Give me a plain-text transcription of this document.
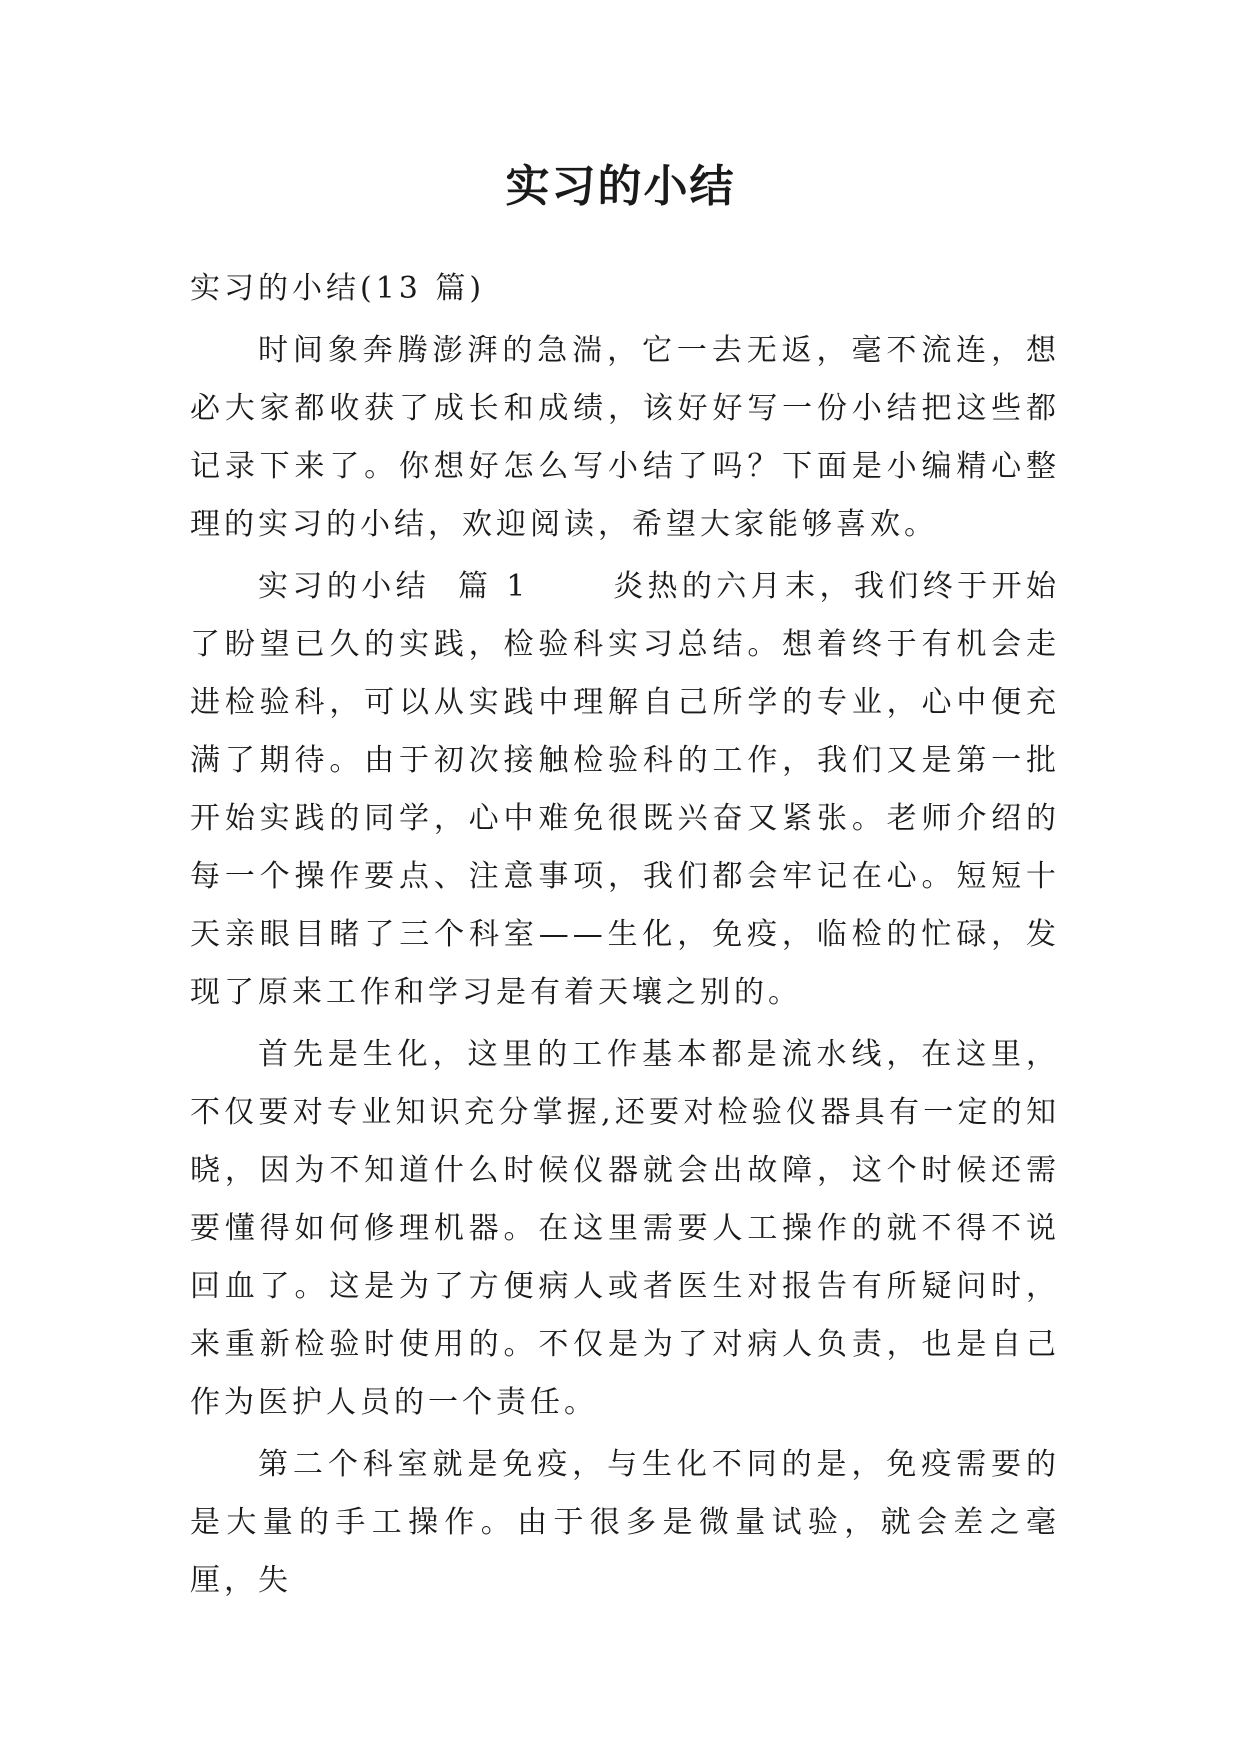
实习的小结

实习的小结(13 篇)

时间象奔腾澎湃的急湍，它一去无返，毫不流连，想必大家都收获了成长和成绩，该好好写一份小结把这些都记录下来了。你想好怎么写小结了吗？下面是小编精心整理的实习的小结，欢迎阅读，希望大家能够喜欢。

实习的小结  篇 1      炎热的六月末，我们终于开始了盼望已久的实践，检验科实习总结。想着终于有机会走进检验科，可以从实践中理解自己所学的专业，心中便充满了期待。由于初次接触检验科的工作，我们又是第一批开始实践的同学，心中难免很既兴奋又紧张。老师介绍的每一个操作要点、注意事项，我们都会牢记在心。短短十天亲眼目睹了三个科室——生化，免疫，临检的忙碌，发现了原来工作和学习是有着天壤之别的。

首先是生化，这里的工作基本都是流水线，在这里，不仅要对专业知识充分掌握,还要对检验仪器具有一定的知晓，因为不知道什么时候仪器就会出故障，这个时候还需要懂得如何修理机器。在这里需要人工操作的就不得不说回血了。这是为了方便病人或者医生对报告有所疑问时，来重新检验时使用的。不仅是为了对病人负责，也是自己作为医护人员的一个责任。

第二个科室就是免疫，与生化不同的是，免疫需要的是大量的手工操作。由于很多是微量试验，就会差之毫厘，失
